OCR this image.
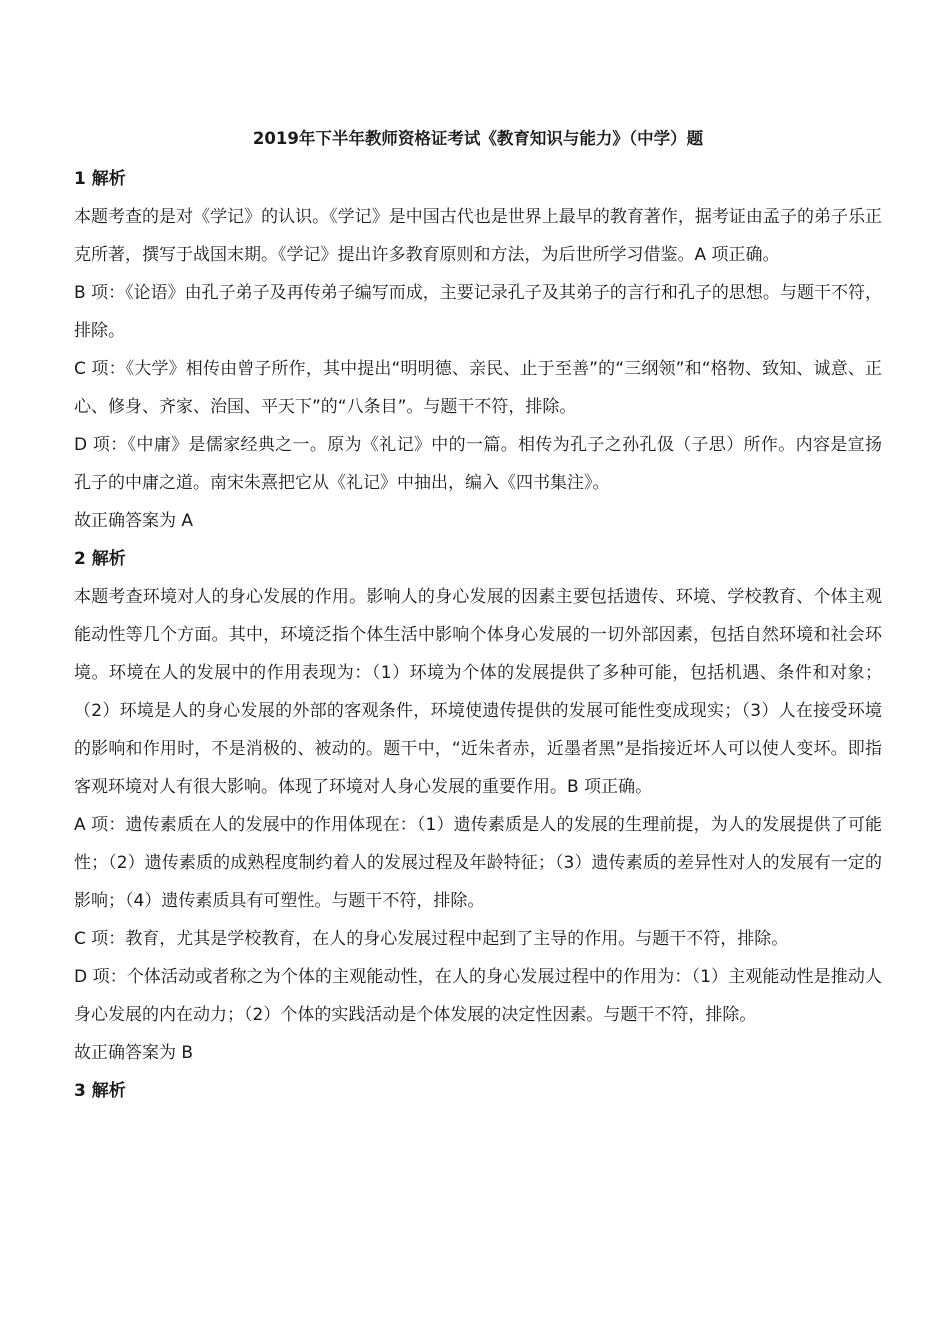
2019年下半年教师资格证考试《教育知识与能力》（中学）题

1 解析

本题考查的是对《学记》的认识。《学记》是中国古代也是世界上最早的教育著作，据考证由孟子的弟子乐正克所著，撰写于战国末期。《学记》提出许多教育原则和方法，为后世所学习借鉴。A 项正确。

B 项：《论语》由孔子弟子及再传弟子编写而成，主要记录孔子及其弟子的言行和孔子的思想。与题干不符，排除。

C 项：《大学》相传由曾子所作，其中提出“明明德、亲民、止于至善”的“三纲领”和“格物、致知、诚意、正心、修身、齐家、治国、平天下”的“八条目”。与题干不符，排除。

D 项：《中庸》是儒家经典之一。原为《礼记》中的一篇。相传为孔子之孙孔伋（子思）所作。内容是宣扬孔子的中庸之道。南宋朱熹把它从《礼记》中抽出，编入《四书集注》。

故正确答案为 A

2 解析

本题考查环境对人的身心发展的作用。影响人的身心发展的因素主要包括遗传、环境、学校教育、个体主观能动性等几个方面。其中，环境泛指个体生活中影响个体身心发展的一切外部因素，包括自然环境和社会环境。环境在人的发展中的作用表现为：（1）环境为个体的发展提供了多种可能，包括机遇、条件和对象；（2）环境是人的身心发展的外部的客观条件，环境使遗传提供的发展可能性变成现实；（3）人在接受环境的影响和作用时，不是消极的、被动的。题干中，“近朱者赤，近墨者黑”是指接近坏人可以使人变坏。即指客观环境对人有很大影响。体现了环境对人身心发展的重要作用。B 项正确。

A 项：遗传素质在人的发展中的作用体现在：（1）遗传素质是人的发展的生理前提，为人的发展提供了可能性；（2）遗传素质的成熟程度制约着人的发展过程及年龄特征；（3）遗传素质的差异性对人的发展有一定的影响；（4）遗传素质具有可塑性。与题干不符，排除。

C 项：教育，尤其是学校教育，在人的身心发展过程中起到了主导的作用。与题干不符，排除。

D 项：个体活动或者称之为个体的主观能动性，在人的身心发展过程中的作用为：（1）主观能动性是推动人身心发展的内在动力；（2）个体的实践活动是个体发展的决定性因素。与题干不符，排除。

故正确答案为 B

3 解析
